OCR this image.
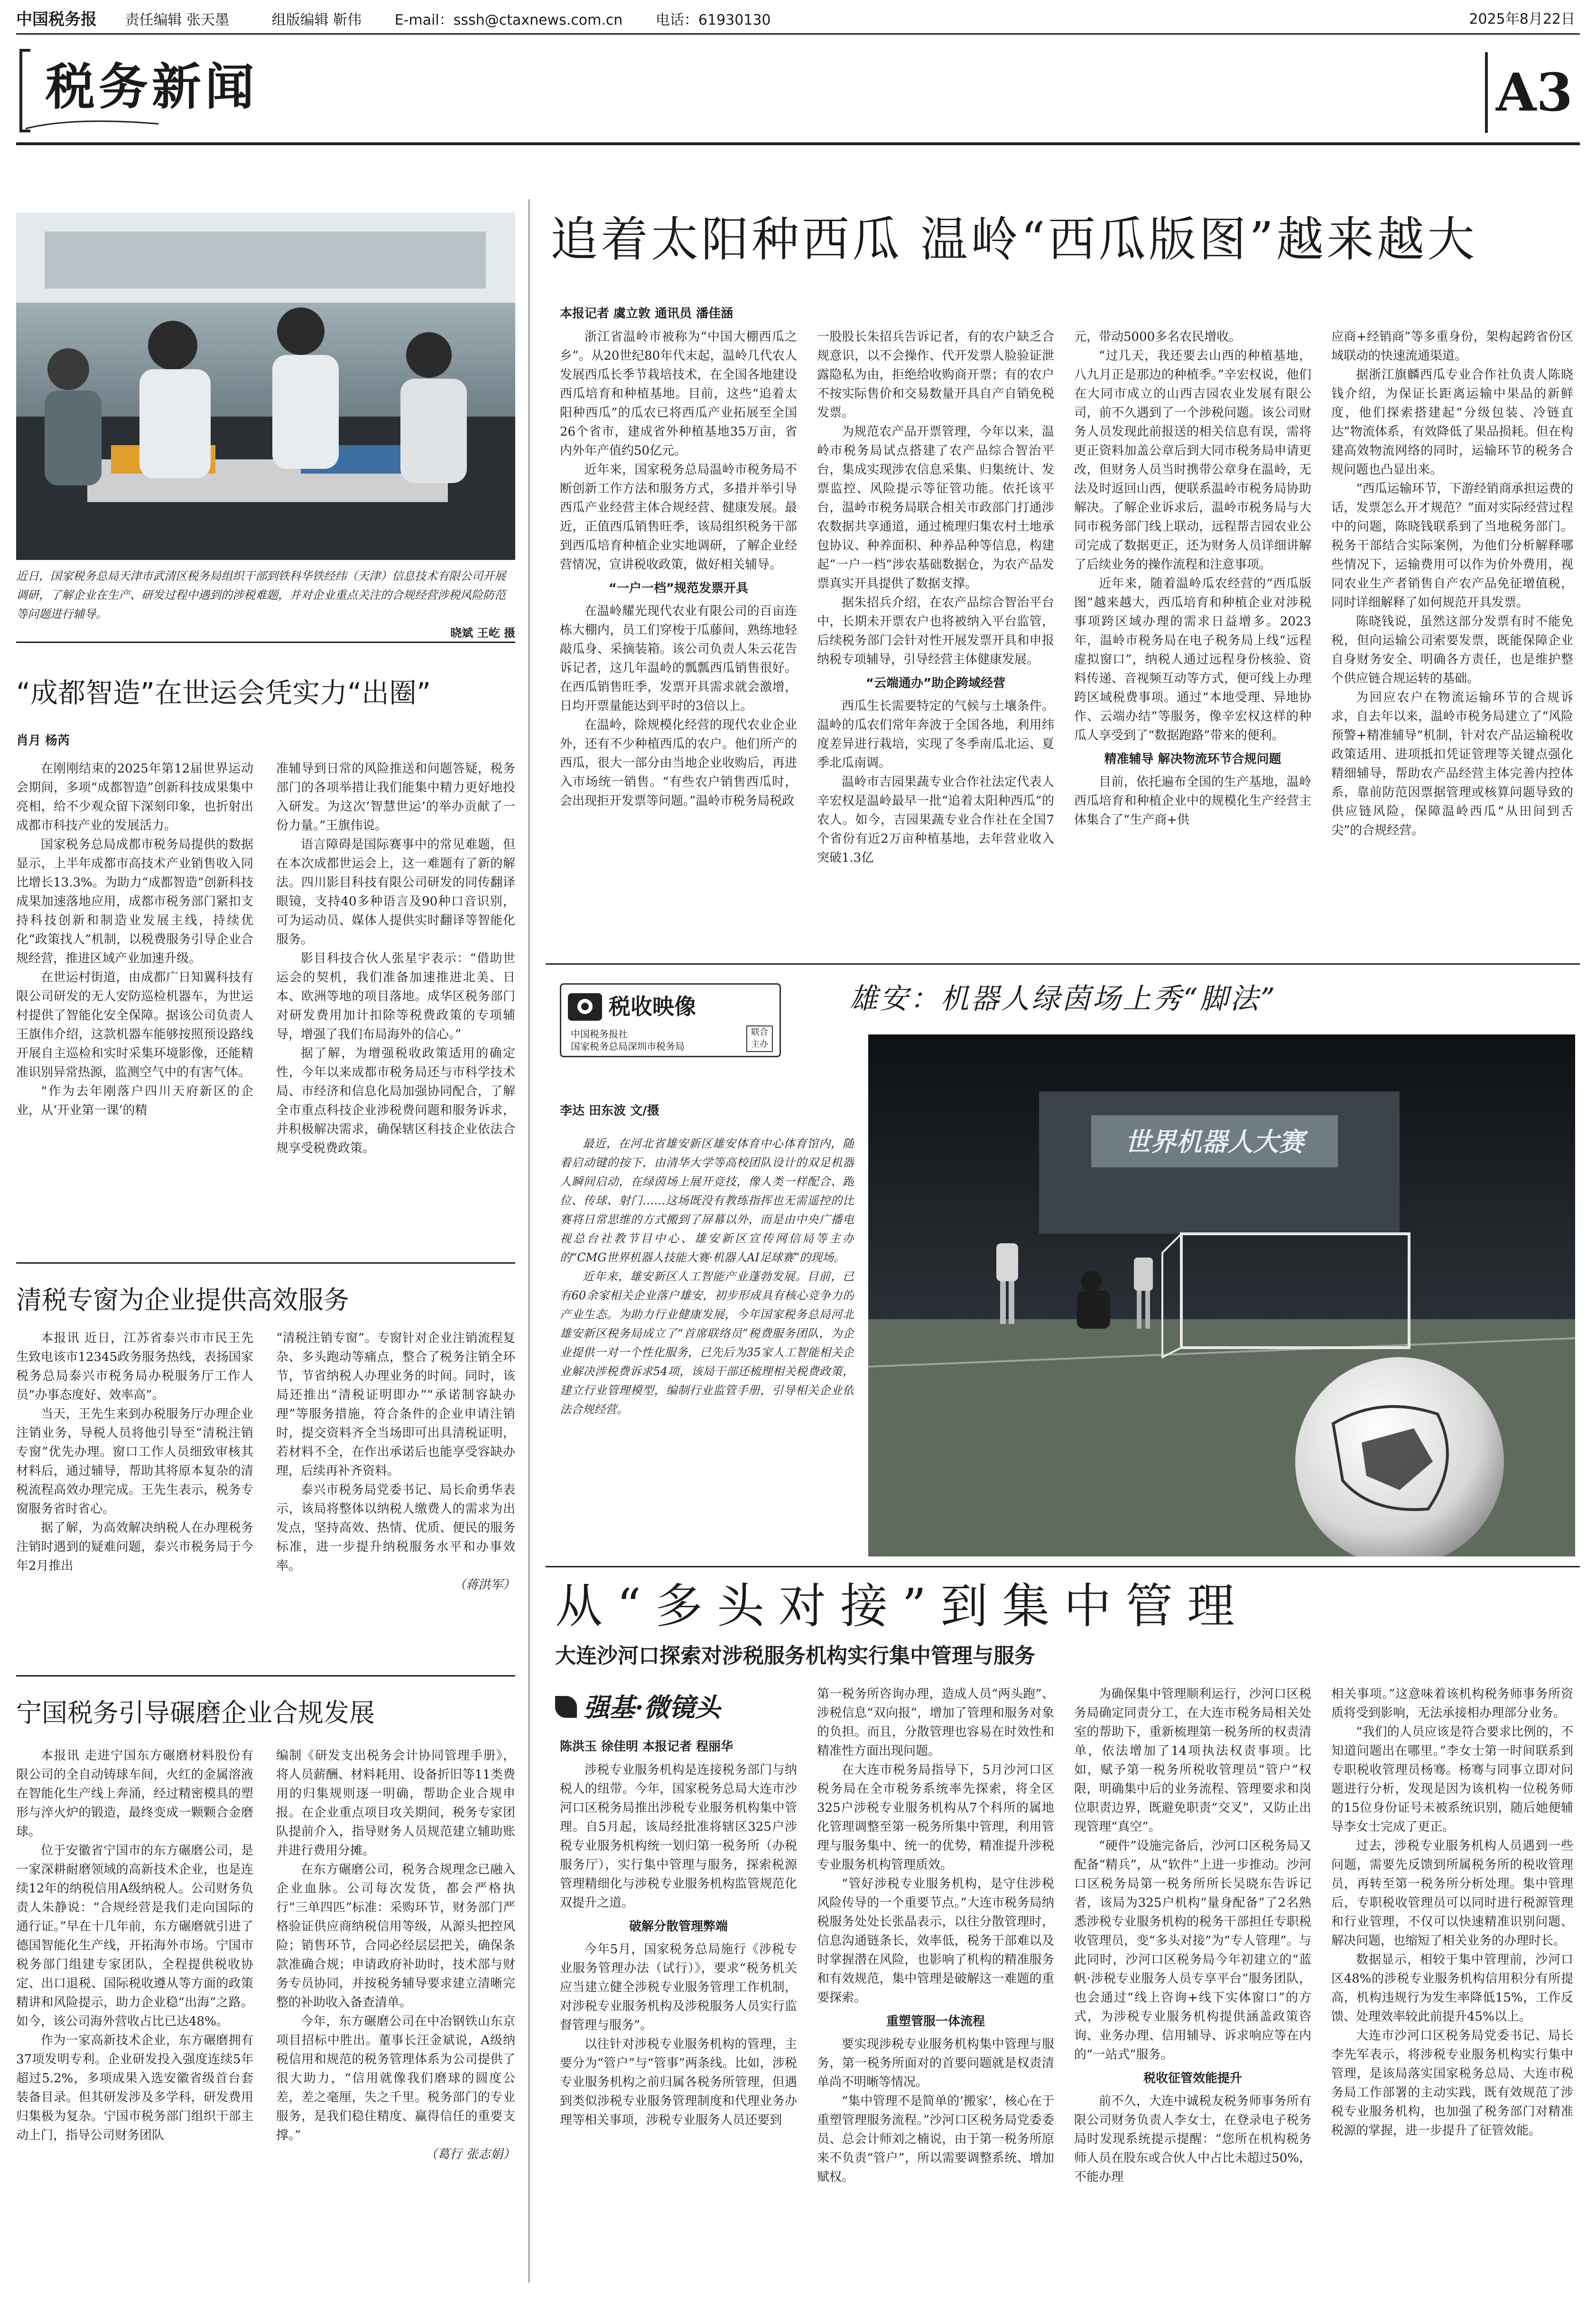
中国税务报 责任编辑 张天墨	组版编辑 靳伟 E-mail：sssh@ctaxnews.com.cn 电话：61930130	2025年8月22日
税务新闻	A3
近日，国家税务总局天津市武清区税务局组织干部到铁科华铁经纬（天津）信息技术有限公司开展调研，了解企业在生产、研发过程中遇到的涉税难题，并对企业重点关注的合规经营涉税风险防范等问题进行辅导。
晓斌 王屹 摄
“成都智造”在世运会凭实力“出圈”
肖月 杨芮

在刚刚结束的2025年第12届世界运动会期间，多项“成都智造”创新科技成果集中亮相，给不少观众留下深刻印象，也折射出成都市科技产业的发展活力。

国家税务总局成都市税务局提供的数据显示，上半年成都市高技术产业销售收入同比增长13.3%。为助力“成都智造”创新科技成果加速落地应用，成都市税务部门紧扣支持科技创新和制造业发展主线，持续优化“政策找人”机制，以税费服务引导企业合规经营，推进区域产业加速升级。

在世运村街道，由成都广日知翼科技有限公司研发的无人安防巡检机器车，为世运村提供了智能化安全保障。据该公司负责人王旗伟介绍，这款机器车能够按照预设路线开展自主巡检和实时采集环境影像，还能精准识别异常热源，监测空气中的有害气体。

“作为去年刚落户四川天府新区的企业，从‘开业第一课’的精

准辅导到日常的风险推送和问题答疑，税务部门的各项举措让我们能集中精力更好地投入研发。为这次‘智慧世运’的举办贡献了一份力量。”王旗伟说。

语言障碍是国际赛事中的常见难题，但在本次成都世运会上，这一难题有了新的解法。四川影目科技有限公司研发的同传翻译眼镜，支持40多种语言及90种口音识别，可为运动员、媒体人提供实时翻译等智能化服务。

影目科技合伙人张星宇表示：“借助世运会的契机，我们准备加速推进北美、日本、欧洲等地的项目落地。成华区税务部门对研发费用加计扣除等税费政策的专项辅导，增强了我们布局海外的信心。”

据了解，为增强税收政策适用的确定性，今年以来成都市税务局还与市科学技术局、市经济和信息化局加强协同配合，了解全市重点科技企业涉税费问题和服务诉求，并积极解决需求，确保辖区科技企业依法合规享受税费政策。

清税专窗为企业提供高效服务

本报讯 近日，江苏省泰兴市市民王先生致电该市12345政务服务热线，表扬国家税务总局泰兴市税务局办税服务厅工作人员“办事态度好、效率高”。

当天，王先生来到办税服务厅办理企业注销业务，导税人员将他引导至“清税注销专窗”优先办理。窗口工作人员细致审核其材料后，通过辅导，帮助其将原本复杂的清税流程高效办理完成。王先生表示，税务专窗服务省时省心。

据了解，为高效解决纳税人在办理税务注销时遇到的疑难问题，泰兴市税务局于今年2月推出

“清税注销专窗”。专窗针对企业注销流程复杂、多头跑动等痛点，整合了税务注销全环节，节省纳税人办理业务的时间。同时，该局还推出“清税证明即办”“承诺制容缺办理”等服务措施，符合条件的企业申请注销时，提交资料齐全当场即可出具清税证明，若材料不全，在作出承诺后也能享受容缺办理，后续再补齐资料。

泰兴市税务局党委书记、局长俞勇华表示，该局将整体以纳税人缴费人的需求为出发点，坚持高效、热情、优质、便民的服务标准，进一步提升纳税服务水平和办事效率。

（蒋洪军）
宁国税务引导碾磨企业合规发展

本报讯 走进宁国东方碾磨材料股份有限公司的全自动铸球车间，火红的金属溶液在智能化生产线上奔涌，经过精密模具的塑形与淬火炉的锻造，最终变成一颗颗合金磨球。

位于安徽省宁国市的东方碾磨公司，是一家深耕耐磨领域的高新技术企业，也是连续12年的纳税信用A级纳税人。公司财务负责人朱静说：“合规经营是我们走向国际的通行证。”早在十几年前，东方碾磨就引进了德国智能化生产线，开拓海外市场。宁国市税务部门组建专家团队，全程提供税收协定、出口退税、国际税收遵从等方面的政策精讲和风险提示，助力企业稳“出海”之路。如今，该公司海外营收占比已达48%。

作为一家高新技术企业，东方碾磨拥有37项发明专利。企业研发投入强度连续5年超过5.2%，多项成果入选安徽省级首台套装备目录。但其研发涉及多学科，研发费用归集极为复杂。宁国市税务部门组织干部主动上门，指导公司财务团队

编制《研发支出税务会计协同管理手册》，将人员薪酬、材料耗用、设备折旧等11类费用的归集规则逐一明确，帮助企业合规申报。在企业重点项目攻关期间，税务专家团队提前介入，指导财务人员规范建立辅助账并进行费用分摊。

在东方碾磨公司，税务合规理念已融入企业血脉。公司每次发货，都会严格执行“三单四匹”标准：采购环节，财务部门严格验证供应商纳税信用等级，从源头把控风险；销售环节，合同必经层层把关，确保条款准确合规；申请政府补助时，技术部与财务专员协同，并按税务辅导要求建立清晰完整的补助收入备查清单。

今年，东方碾磨公司在中冶钢铁山东京项目招标中胜出。董事长汪金斌说，A级纳税信用和规范的税务管理体系为公司提供了很大助力，“信用就像我们磨球的圆度公差，差之毫厘，失之千里。税务部门的专业服务，是我们稳住精度、赢得信任的重要支撑。”

（葛行 张志娟）
追着太阳种西瓜 温岭“西瓜版图”越来越大
本报记者 虞立敦 通讯员 潘佳涵

浙江省温岭市被称为“中国大棚西瓜之乡”。从20世纪80年代末起，温岭几代农人发展西瓜长季节栽培技术，在全国各地建设西瓜培育和种植基地。目前，这些“追着太阳种西瓜”的瓜农已将西瓜产业拓展至全国26个省市，建成省外种植基地35万亩，省内外年产值约50亿元。

近年来，国家税务总局温岭市税务局不断创新工作方法和服务方式，多措并举引导西瓜产业经营主体合规经营、健康发展。最近，正值西瓜销售旺季，该局组织税务干部到西瓜培育种植企业实地调研，了解企业经营情况，宣讲税收政策，做好相关辅导。

“一户一档”规范发票开具

在温岭耀光现代农业有限公司的百亩连栋大棚内，员工们穿梭于瓜藤间，熟练地轻敲瓜身、采摘装箱。该公司负责人朱云花告诉记者，这几年温岭的瓢瓢西瓜销售很好。在西瓜销售旺季，发票开具需求就会激增，日均开票量能达到平时的3倍以上。

在温岭，除规模化经营的现代农业企业外，还有不少种植西瓜的农户。他们所产的西瓜，很大一部分由当地企业收购后，再进入市场统一销售。“有些农户销售西瓜时，会出现拒开发票等问题。”温岭市税务局税政

一股股长朱招兵告诉记者，有的农户缺乏合规意识，以不会操作、代开发票人脸验证泄露隐私为由，拒绝给收购商开票；有的农户不按实际售价和交易数量开具自产自销免税发票。

为规范农产品开票管理，今年以来，温岭市税务局试点搭建了农产品综合智治平台，集成实现涉农信息采集、归集统计、发票监控、风险提示等征管功能。依托该平台，温岭市税务局联合相关市政部门打通涉农数据共享通道，通过梳理归集农村土地承包协议、种养面积、种养品种等信息，构建起“一户一档”涉农基础数据仓，为农产品发票真实开具提供了数据支撑。

据朱招兵介绍，在农产品综合智治平台中，长期未开票农户也将被纳入平台监管，后续税务部门会针对性开展发票开具和申报纳税专项辅导，引导经营主体健康发展。

“云端通办”助企跨域经营

西瓜生长需要特定的气候与土壤条件。温岭的瓜农们常年奔波于全国各地，利用纬度差异进行栽培，实现了冬季南瓜北运、夏季北瓜南调。

温岭市吉园果蔬专业合作社法定代表人辛宏权是温岭最早一批“追着太阳种西瓜”的农人。如今，吉园果蔬专业合作社在全国7个省份有近2万亩种植基地，去年营业收入突破1.3亿

元，带动5000多名农民增收。

“过几天，我还要去山西的种植基地，八九月正是那边的种植季。”辛宏权说，他们在大同市成立的山西吉园农业发展有限公司，前不久遇到了一个涉税问题。该公司财务人员发现此前报送的相关信息有误，需将更正资料加盖公章后到大同市税务局申请更改，但财务人员当时携带公章身在温岭，无法及时返回山西，便联系温岭市税务局协助解决。了解企业诉求后，温岭市税务局与大同市税务部门线上联动，远程帮吉园农业公司完成了数据更正，还为财务人员详细讲解了后续业务的操作流程和注意事项。

近年来，随着温岭瓜农经营的“西瓜版图”越来越大，西瓜培育和种植企业对涉税事项跨区域办理的需求日益增多。2023年，温岭市税务局在电子税务局上线“远程虚拟窗口”，纳税人通过远程身份核验、资料传递、音视频互动等方式，便可线上办理跨区域税费事项。通过“本地受理、异地协作、云端办结”等服务，像辛宏权这样的种瓜人享受到了“数据跑路”带来的便利。

精准辅导 解决物流环节合规问题

目前，依托遍布全国的生产基地，温岭西瓜培育和种植企业中的规模化生产经营主体集合了“生产商+供

应商+经销商”等多重身份，架构起跨省份区域联动的快速流通渠道。

据浙江旗麟西瓜专业合作社负责人陈晓钱介绍，为保证长距离运输中果品的新鲜度，他们探索搭建起“分级包装、冷链直达”物流体系，有效降低了果品损耗。但在构建高效物流网络的同时，运输环节的税务合规问题也凸显出来。

“西瓜运输环节，下游经销商承担运费的话，发票怎么开才规范？”面对实际经营过程中的问题，陈晓钱联系到了当地税务部门。税务干部结合实际案例，为他们分析解释哪些情况下，运输费用可以作为价外费用，视同农业生产者销售自产农产品免征增值税，同时详细解释了如何规范开具发票。

陈晓钱说，虽然这部分发票有时不能免税，但向运输公司索要发票，既能保障企业自身财务安全、明确各方责任，也是维护整个供应链合规运转的基础。

为回应农户在物流运输环节的合规诉求，自去年以来，温岭市税务局建立了“风险预警+精准辅导”机制，针对农产品运输税收政策适用、进项抵扣凭证管理等关键点强化精细辅导，帮助农产品经营主体完善内控体系，靠前防范因票据管理或核算问题导致的供应链风险，保障温岭西瓜“从田间到舌尖”的合规经营。

税收映像
中国税务报社
国家税务总局深圳市税务局
联合主办
雄安：机器人绿茵场上秀“脚法”
李达 田东波 文/摄

最近，在河北省雄安新区雄安体育中心体育馆内，随着启动键的按下，由清华大学等高校团队设计的双足机器人瞬间启动，在绿茵场上展开竞技，像人类一样配合、跑位、传球、射门……这场既没有教练指挥也无需遥控的比赛将日常思维的方式搬到了屏幕以外，而是由中央广播电视总台社教节目中心、雄安新区宣传网信局等主办的“CMG世界机器人技能大赛·机器人AI足球赛”的现场。

近年来，雄安新区人工智能产业蓬勃发展。目前，已有60余家相关企业落户雄安，初步形成具有核心竞争力的产业生态。为助力行业健康发展，今年国家税务总局河北雄安新区税务局成立了“首席联络员”税费服务团队，为企业提供一对一个性化服务，已先后为35家人工智能相关企业解决涉税费诉求54项，该局干部还梳理相关税费政策，建立行业管理模型，编制行业监管手册，引导相关企业依法合规经营。

世界机器人大赛
从“多头对接”到集中管理
大连沙河口探索对涉税服务机构实行集中管理与服务
强基·微镜头
陈洪玉 徐佳明 本报记者 程丽华

涉税专业服务机构是连接税务部门与纳税人的纽带。今年，国家税务总局大连市沙河口区税务局推出涉税专业服务机构集中管理。自5月起，该局经批准将辖区325户涉税专业服务机构统一划归第一税务所（办税服务厅），实行集中管理与服务，探索税源管理精细化与涉税专业服务机构监管规范化双提升之道。

破解分散管理弊端

今年5月，国家税务总局施行《涉税专业服务管理办法（试行）》，要求“税务机关应当建立健全涉税专业服务管理工作机制，对涉税专业服务机构及涉税服务人员实行监督管理与服务”。

以往针对涉税专业服务机构的管理，主要分为“管户”与“管事”两条线。比如，涉税专业服务机构之前归属各税务所管理，但遇到类似涉税专业服务管理制度和代理业务办理等相关事项，涉税专业服务人员还要到

第一税务所咨询办理，造成人员“两头跑”、涉税信息“双向报”，增加了管理和服务对象的负担。而且，分散管理也容易在时效性和精准性方面出现问题。

在大连市税务局指导下，5月沙河口区税务局在全市税务系统率先探索，将全区325户涉税专业服务机构从7个科所的属地化管理调整至第一税务所集中管理，利用管理与服务集中、统一的优势，精准提升涉税专业服务机构管理质效。

“管好涉税专业服务机构，是守住涉税风险传导的一个重要节点。”大连市税务局纳税服务处处长张晶表示，以往分散管理时，信息沟通链条长，效率低，税务干部难以及时掌握潜在风险，也影响了机构的精准服务和有效规范，集中管理是破解这一难题的重要探索。

重塑管服一体流程

要实现涉税专业服务机构集中管理与服务，第一税务所面对的首要问题就是权责清单尚不明晰等情况。

“集中管理不是简单的‘搬家’，核心在于重塑管理服务流程。”沙河口区税务局党委委员、总会计师刘之楠说，由于第一税务所原来不负责“管户”，所以需要调整系统、增加赋权。

为确保集中管理顺利运行，沙河口区税务局确定同责分工，在大连市税务局相关处室的帮助下，重新梳理第一税务所的权责清单，依法增加了14项执法权责事项。比如，赋予第一税务所税收管理员“管户”权限，明确集中后的业务流程、管理要求和岗位职责边界，既避免职责“交叉”，又防止出现管理“真空”。

“硬件”设施完备后，沙河口区税务局又配备“精兵”，从“软件”上进一步推动。沙河口区税务局第一税务所所长吴晓东告诉记者，该局为325户机构“量身配备”了2名熟悉涉税专业服务机构的税务干部担任专职税收管理员，变“多头对接”为“专人管理”。与此同时，沙河口区税务局今年初建立的“蓝帆·涉税专业服务人员专享平台”服务团队，也会通过“线上咨询+线下实体窗口”的方式，为涉税专业服务机构提供涵盖政策咨询、业务办理、信用辅导、诉求响应等在内的“一站式”服务。

税收征管效能提升

前不久，大连中诚税友税务师事务所有限公司财务负责人李女士，在登录电子税务局时发现系统提示提醒：“您所在机构税务师人员在股东或合伙人中占比未超过50%，不能办理

相关事项。”这意味着该机构税务师事务所资质将受到影响，无法承接相办理部分业务。

“我们的人员应该是符合要求比例的，不知道问题出在哪里。”李女士第一时间联系到专职税收管理员杨骞。杨骞与同事立即对问题进行分析，发现是因为该机构一位税务师的15位身份证号未被系统识别，随后她便辅导李女士完成了更正。

过去，涉税专业服务机构人员遇到一些问题，需要先反馈到所属税务所的税收管理员，再转至第一税务所分析处理。集中管理后，专职税收管理员可以同时进行税源管理和行业管理，不仅可以快速精准识别问题、解决问题，也缩短了相关业务的办理时长。

数据显示，相较于集中管理前，沙河口区48%的涉税专业服务机构信用积分有所提高，机构违规行为发生率降低15%，工作反馈、处理效率较此前提升45%以上。

大连市沙河口区税务局党委书记、局长李先军表示，将涉税专业服务机构实行集中管理，是该局落实国家税务总局、大连市税务局工作部署的主动实践，既有效规范了涉税专业服务机构，也加强了税务部门对精准税源的掌握，进一步提升了征管效能。
